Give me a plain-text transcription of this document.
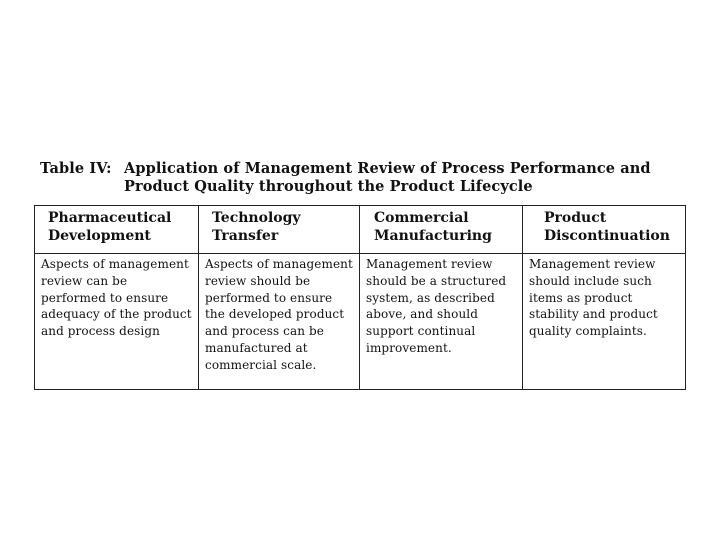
Table IV: Application of Management Review of Process Performance and
Product Quality throughout the Product Lifecycle
Pharmaceutical Development	Technology Transfer	Commercial Manufacturing	Product Discontinuation
Aspects of management review can be performed to ensure adequacy of the product and process design	Aspects of management review should be performed to ensure the developed product and process can be manufactured at commercial scale.	Management review should be a structured system, as described above, and should support continual improvement.	Management review should include such items as product stability and product quality complaints.
